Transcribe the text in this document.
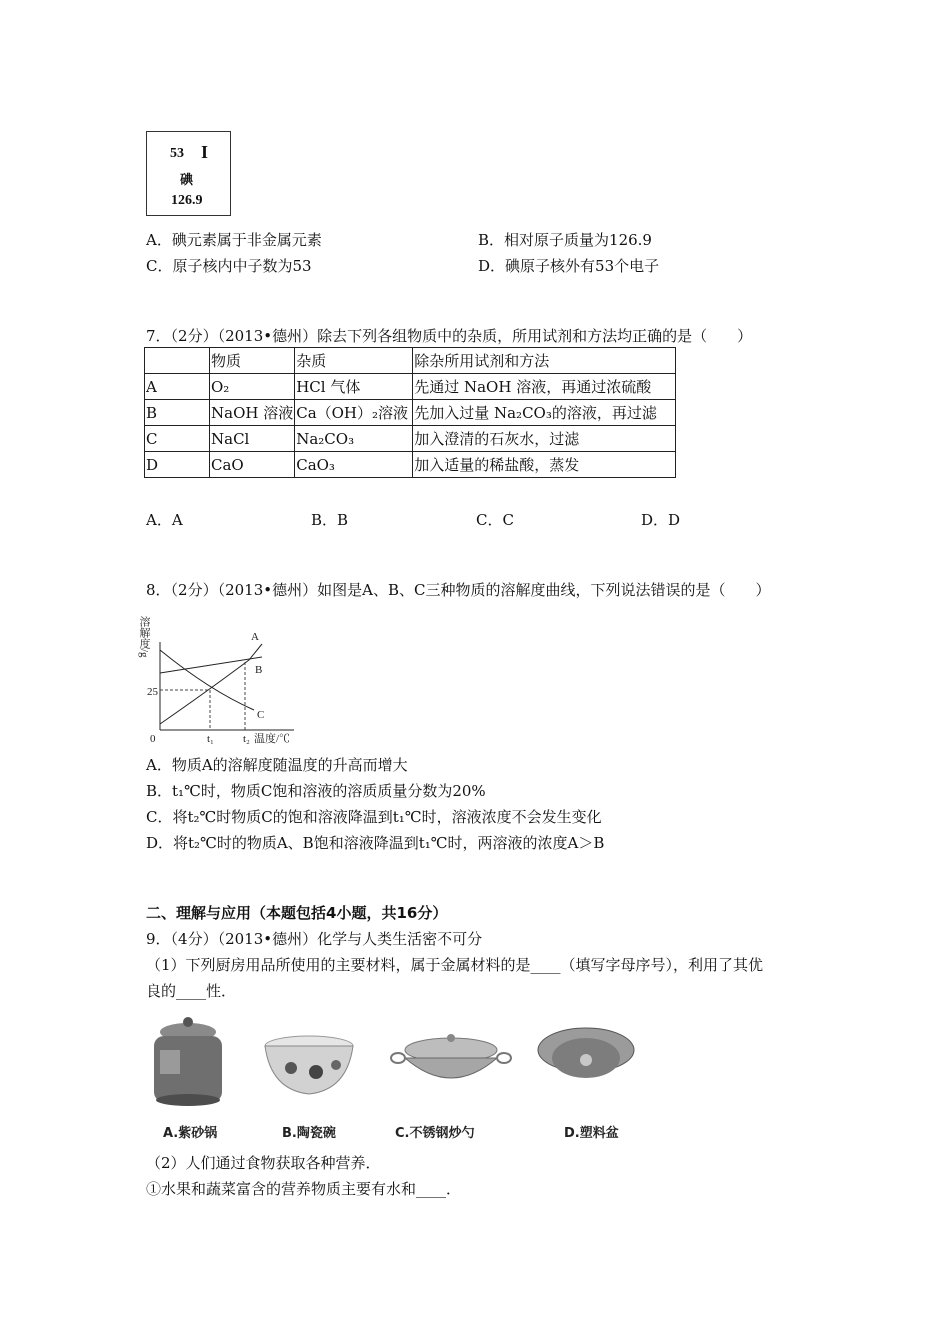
53 I
碘
126.9
A．碘元素属于非金属元素	B．相对原子质量为126.9
C．原子核内中子数为53	D．碘原子核外有53个电子
7．（2分）（2013•德州）除去下列各组物质中的杂质，所用试剂和方法均正确的是（　　）
	物质	杂质	除杂所用试剂和方法
A	O₂	HCl 气体	先通过 NaOH 溶液，再通过浓硫酸
B	NaOH 溶液	Ca（OH）₂溶液	先加入过量 Na₂CO₃的溶液，再过滤
C	NaCl	Na₂CO₃	加入澄清的石灰水，过滤
D	CaO	CaO₃	加入适量的稀盐酸，蒸发
A．A	B．B	C．C	D．D
8．（2分）（2013•德州）如图是A、B、C三种物质的溶解度曲线，下列说法错误的是（　　）
溶解度/g
25
0	t₁	t₂ 温度/℃
A
B
C
A．物质A的溶解度随温度的升高而增大
B．t₁℃时，物质C饱和溶液的溶质质量分数为20%
C．将t₂℃时物质C的饱和溶液降温到t₁℃时，溶液浓度不会发生变化
D．将t₂℃时的物质A、B饱和溶液降温到t₁℃时，两溶液的浓度A＞B
二、理解与应用（本题包括4小题，共16分）
9．（4分）（2013•德州）化学与人类生活密不可分
（1）下列厨房用品所使用的主要材料，属于金属材料的是____（填写字母序号），利用了其优
良的____性．
A.紫砂锅	B.陶瓷碗	C.不锈钢炒勺	D.塑料盆
（2）人们通过食物获取各种营养．
①水果和蔬菜富含的营养物质主要有水和____．
